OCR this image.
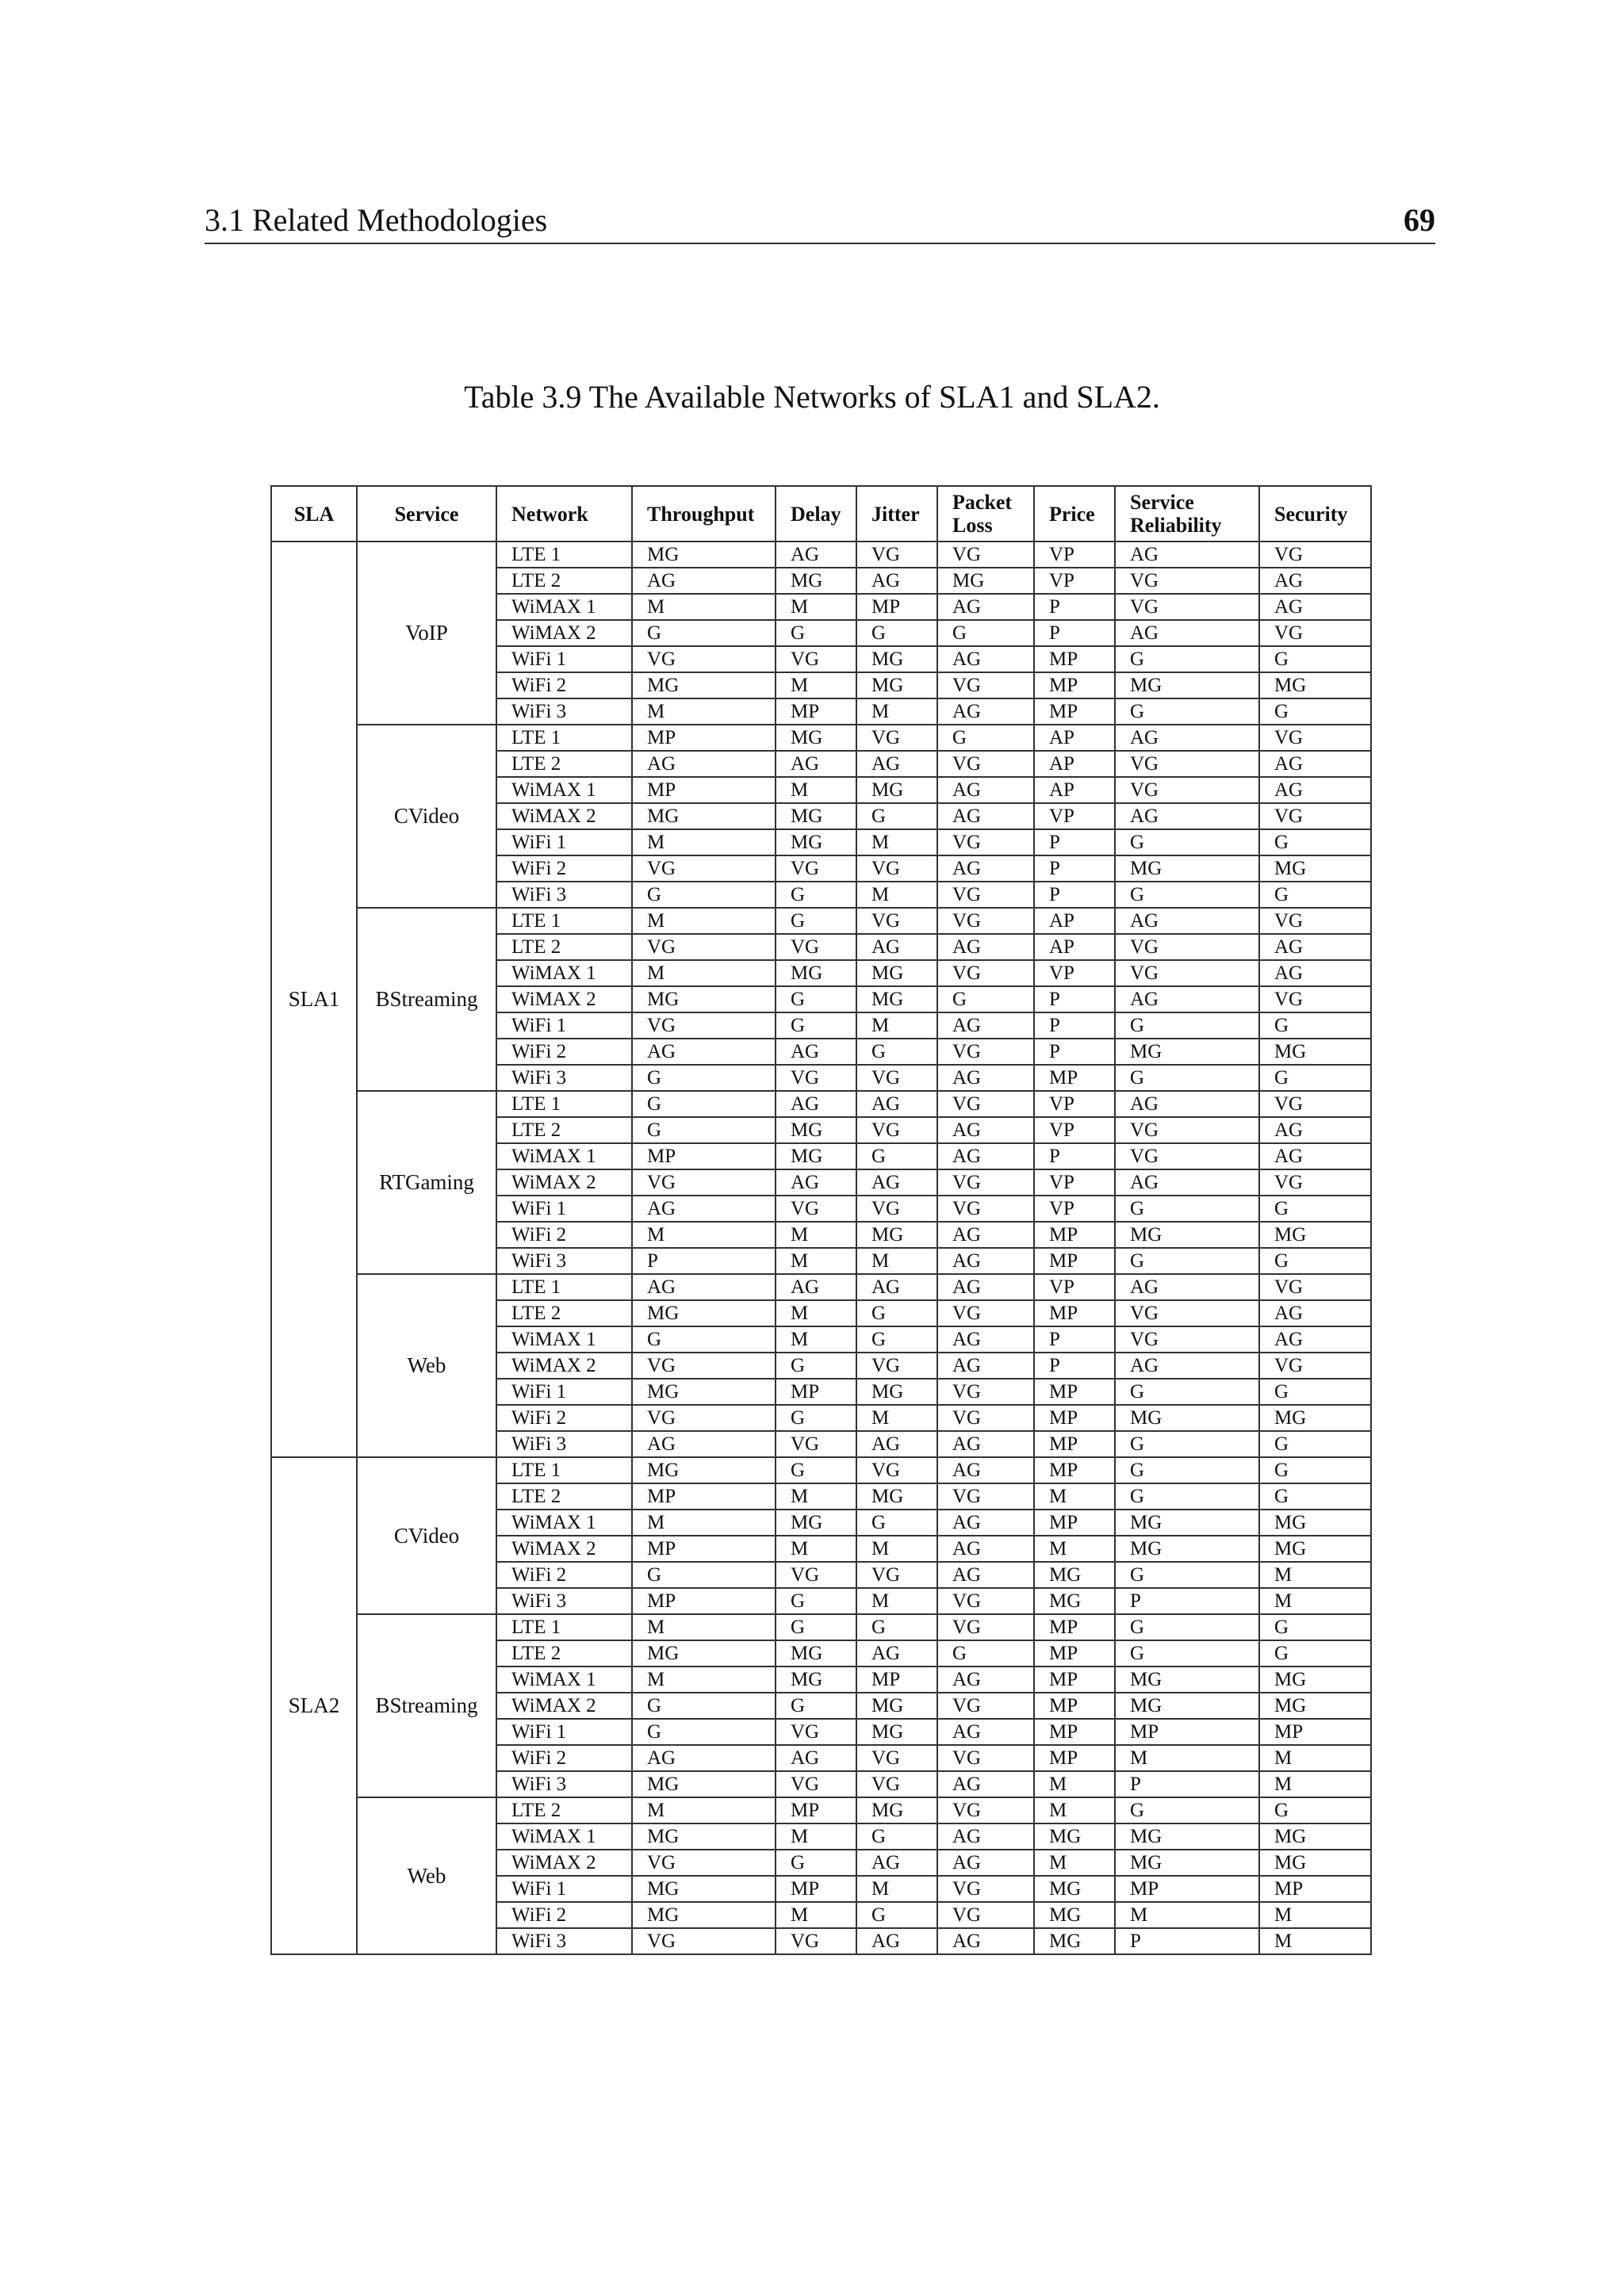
3.1 Related Methodologies	69
Table 3.9 The Available Networks of SLA1 and SLA2.
SLA	Service	Network	Throughput	Delay	Jitter	Packet Loss	Price	Service Reliability	Security
SLA1	VoIP	LTE 1	MG	AG	VG	VG	VP	AG	VG
		LTE 2	AG	MG	AG	MG	VP	VG	AG
		WiMAX 1	M	M	MP	AG	P	VG	AG
		WiMAX 2	G	G	G	G	P	AG	VG
		WiFi 1	VG	VG	MG	AG	MP	G	G
		WiFi 2	MG	M	MG	VG	MP	MG	MG
		WiFi 3	M	MP	M	AG	MP	G	G
	CVideo	LTE 1	MP	MG	VG	G	AP	AG	VG
		LTE 2	AG	AG	AG	VG	AP	VG	AG
		WiMAX 1	MP	M	MG	AG	AP	VG	AG
		WiMAX 2	MG	MG	G	AG	VP	AG	VG
		WiFi 1	M	MG	M	VG	P	G	G
		WiFi 2	VG	VG	VG	AG	P	MG	MG
		WiFi 3	G	G	M	VG	P	G	G
	BStreaming	LTE 1	M	G	VG	VG	AP	AG	VG
		LTE 2	VG	VG	AG	AG	AP	VG	AG
		WiMAX 1	M	MG	MG	VG	VP	VG	AG
		WiMAX 2	MG	G	MG	G	P	AG	VG
		WiFi 1	VG	G	M	AG	P	G	G
		WiFi 2	AG	AG	G	VG	P	MG	MG
		WiFi 3	G	VG	VG	AG	MP	G	G
	RTGaming	LTE 1	G	AG	AG	VG	VP	AG	VG
		LTE 2	G	MG	VG	AG	VP	VG	AG
		WiMAX 1	MP	MG	G	AG	P	VG	AG
		WiMAX 2	VG	AG	AG	VG	VP	AG	VG
		WiFi 1	AG	VG	VG	VG	VP	G	G
		WiFi 2	M	M	MG	AG	MP	MG	MG
		WiFi 3	P	M	M	AG	MP	G	G
	Web	LTE 1	AG	AG	AG	AG	VP	AG	VG
		LTE 2	MG	M	G	VG	MP	VG	AG
		WiMAX 1	G	M	G	AG	P	VG	AG
		WiMAX 2	VG	G	VG	AG	P	AG	VG
		WiFi 1	MG	MP	MG	VG	MP	G	G
		WiFi 2	VG	G	M	VG	MP	MG	MG
		WiFi 3	AG	VG	AG	AG	MP	G	G
SLA2	CVideo	LTE 1	MG	G	VG	AG	MP	G	G
		LTE 2	MP	M	MG	VG	M	G	G
		WiMAX 1	M	MG	G	AG	MP	MG	MG
		WiMAX 2	MP	M	M	AG	M	MG	MG
		WiFi 2	G	VG	VG	AG	MG	G	M
		WiFi 3	MP	G	M	VG	MG	P	M
	BStreaming	LTE 1	M	G	G	VG	MP	G	G
		LTE 2	MG	MG	AG	G	MP	G	G
		WiMAX 1	M	MG	MP	AG	MP	MG	MG
		WiMAX 2	G	G	MG	VG	MP	MG	MG
		WiFi 1	G	VG	MG	AG	MP	MP	MP
		WiFi 2	AG	AG	VG	VG	MP	M	M
		WiFi 3	MG	VG	VG	AG	M	P	M
	Web	LTE 2	M	MP	MG	VG	M	G	G
		WiMAX 1	MG	M	G	AG	MG	MG	MG
		WiMAX 2	VG	G	AG	AG	M	MG	MG
		WiFi 1	MG	MP	M	VG	MG	MP	MP
		WiFi 2	MG	M	G	VG	MG	M	M
		WiFi 3	VG	VG	AG	AG	MG	P	M
